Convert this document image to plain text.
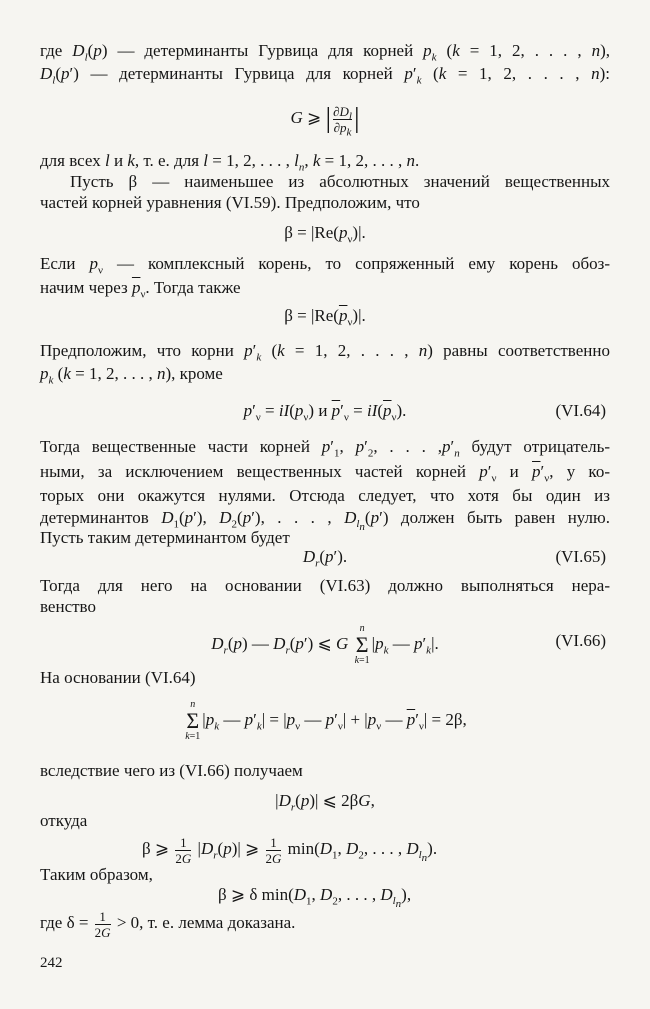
где $D_l(p)$ — детерминанты Гурвица для корней $p_k$ (k = 1, 2, . . . , n),
$D_l(p')$ — детерминанты Гурвица для корней $p'_k$ (k = 1, 2, . . . , n):
G ⩾ | $\frac{\partial D_l}{\partial p_k}$ |
для всех l и k, т. е. для l = 1, 2, . . . , $l_n$, k = 1, 2, . . . , n.
Пусть β — наименьшее из абсолютных значений вещественных
частей корней уравнения (VI.59). Предположим, что
$\beta = |Re(p_\nu)|$.
Если $p_\nu$ — комплексный корень, то сопряженный ему корень обоз-
начим через $\overline{p}_\nu$. Тогда также
$\beta = |Re(\overline{p}_\nu)|$.
Предположим, что корни $p'_k$ (k = 1, 2, . . . , n) равны соответственно
$p_k$ (k = 1, 2, . . . , n), кроме
$p'_\nu = iI(p_\nu)$ и $\overline{p}'_\nu = iI(\overline{p}_\nu)$.	(VI.64)
Тогда вещественные части корней $p'_1$, $p'_2$, . . . $,p'_n$ будут отрицатель-
ными, за исключением вещественных частей корней $p'_\nu$ и $\overline{p}'_\nu$, у ко-
торых они окажутся нулями. Отсюда следует, что хотя бы один из
детерминантов $D_1(p')$, $D_2(p')$, . . . , $D_{l_n}(p')$ должен быть равен нулю.
Пусть таким детерминантом будет
$D_r(p')$.	(VI.65)
Тогда для него на основании (VI.63) должно выполняться нера-
венство
$D_r(p)$ — $D_r(p')$ ⩽ G
n
Σ
k=1
$|p_k$ — $p'_k|$.	(VI.66)
На основании (VI.64)
n
Σ
k=1
$|p_k$ — $p'_k| = |p_\nu$ — $p'_\nu| + |p_\nu$ — $\overline{p}'_\nu| = 2\beta$,
вследствие чего из (VI.66) получаем
$|D_r(p)|$ ⩽ 2βG,
откуда
β ⩾ $\frac{1}{2G} |D_r(p)|$ ⩾ $\frac{1}{2G} \min(D_1$, $D_2$, . . . , $D_{l_n}$).
Таким образом,
β ⩾ δ $\min(D_1$, $D_2$, . . . , $D_{l_n}$),
где $\delta = \frac{1}{2G} > 0$, т. е. лемма доказана.
242
